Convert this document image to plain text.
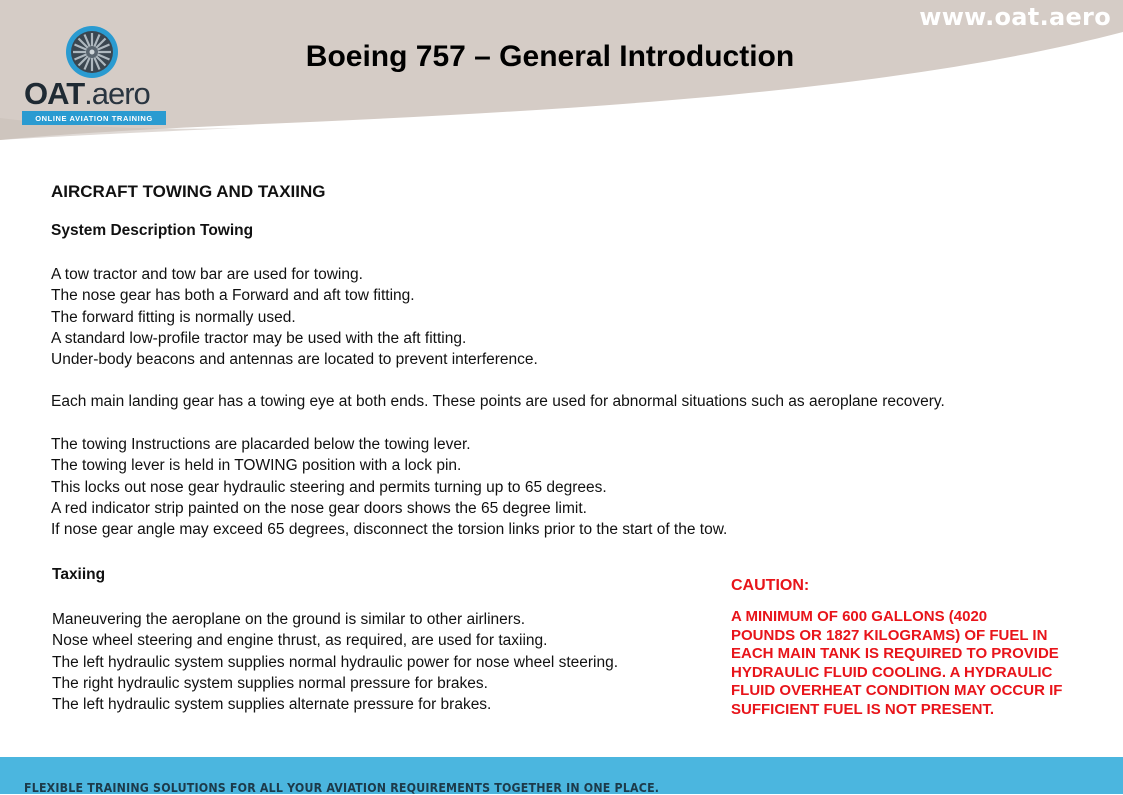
OAT.aero
ONLINE AVIATION TRAINING
www.oat.aero
Boeing 757 – General Introduction
AIRCRAFT TOWING AND TAXIING
System Description Towing
A tow tractor and tow bar are used for towing.
The nose gear has both a Forward and aft tow fitting.
The forward fitting is normally used.
A standard low-profile tractor may be used with the aft fitting.
Under-body beacons and antennas are located to prevent interference.
Each main landing gear has a towing eye at both ends. These points are used for abnormal situations such as aeroplane recovery.
The towing Instructions are placarded below the towing lever.
The towing lever is held in TOWING position with a lock pin.
This locks out nose gear hydraulic steering and permits turning up to 65 degrees.
A red indicator strip painted on the nose gear doors shows the 65 degree limit.
If nose gear angle may exceed 65 degrees, disconnect the torsion links prior to the start of the tow.
Taxiing
Maneuvering the aeroplane on the ground is similar to other airliners.
Nose wheel steering and engine thrust, as required, are used for taxiing.
The left hydraulic system supplies normal hydraulic power for nose wheel steering.
The right hydraulic system supplies normal pressure for brakes.
The left hydraulic system supplies alternate pressure for brakes.
CAUTION:
A MINIMUM OF 600 GALLONS (4020
POUNDS OR 1827 KILOGRAMS) OF FUEL IN
EACH MAIN TANK IS REQUIRED TO PROVIDE
HYDRAULIC FLUID COOLING. A HYDRAULIC
FLUID OVERHEAT CONDITION MAY OCCUR IF
SUFFICIENT FUEL IS NOT PRESENT.
FLEXIBLE TRAINING SOLUTIONS FOR ALL YOUR AVIATION REQUIREMENTS TOGETHER IN ONE PLACE.
